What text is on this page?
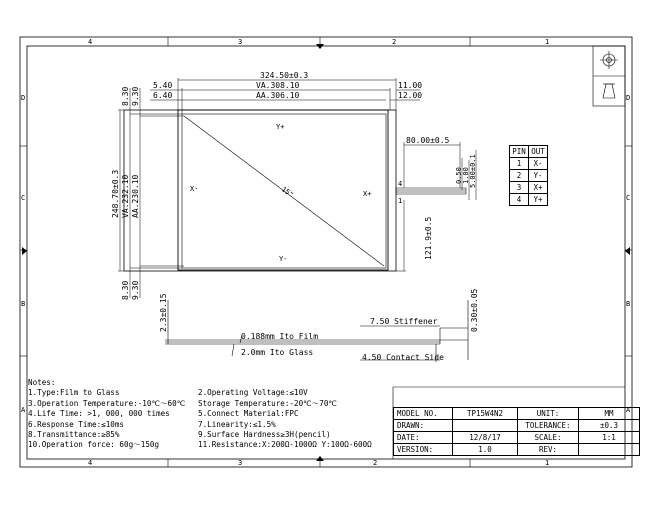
4	3	2	1
4	3	2	1
D
C
B
A
D
C
B
A
15"
Y+
Y-
X-
X+
324.50±0.3
VA.308.10
AA.306.10
5.40
6.40
11.00
12.00
248.70±0.3 VA.232.10 AA.230.10
8.30 9.30
8.30 9.30
80.00±0.5
0.50 1.00 5.00±0.1
121.9±0.5
4
1
2.3±0.15	0.30±0.05
0.188mm Ito Film
2.0mm Ito Glass
7.50 Stiffener
4.50 Contact Side
PIN	OUT
1	X-
2	Y-
3	X+
4	Y+
Notes:
1.Type:Film to Glass	2.Operating Voltage:≤10V
3.Operation Temperature:-10℃～60℃	Storage Temperature:-20℃～70℃
4.Life Time: >1, 000, 000 times	5.Connect Material:FPC
6.Response Time:≤10ms	7.Linearity:≤1.5%
8.Transmittance:≥85%	9.Surface Hardness≥3H(pencil)
10.Operation force: 60g～150g	11.Resistance:X:200Ω-1000Ω Y:100Ω-600Ω
MODEL NO.	TP15W4N2	UNIT:	MM
DRAWN:		TOLERANCE:	±0.3
DATE:	12/8/17	SCALE:	1:1
VERSION:	1.0	REV:	
